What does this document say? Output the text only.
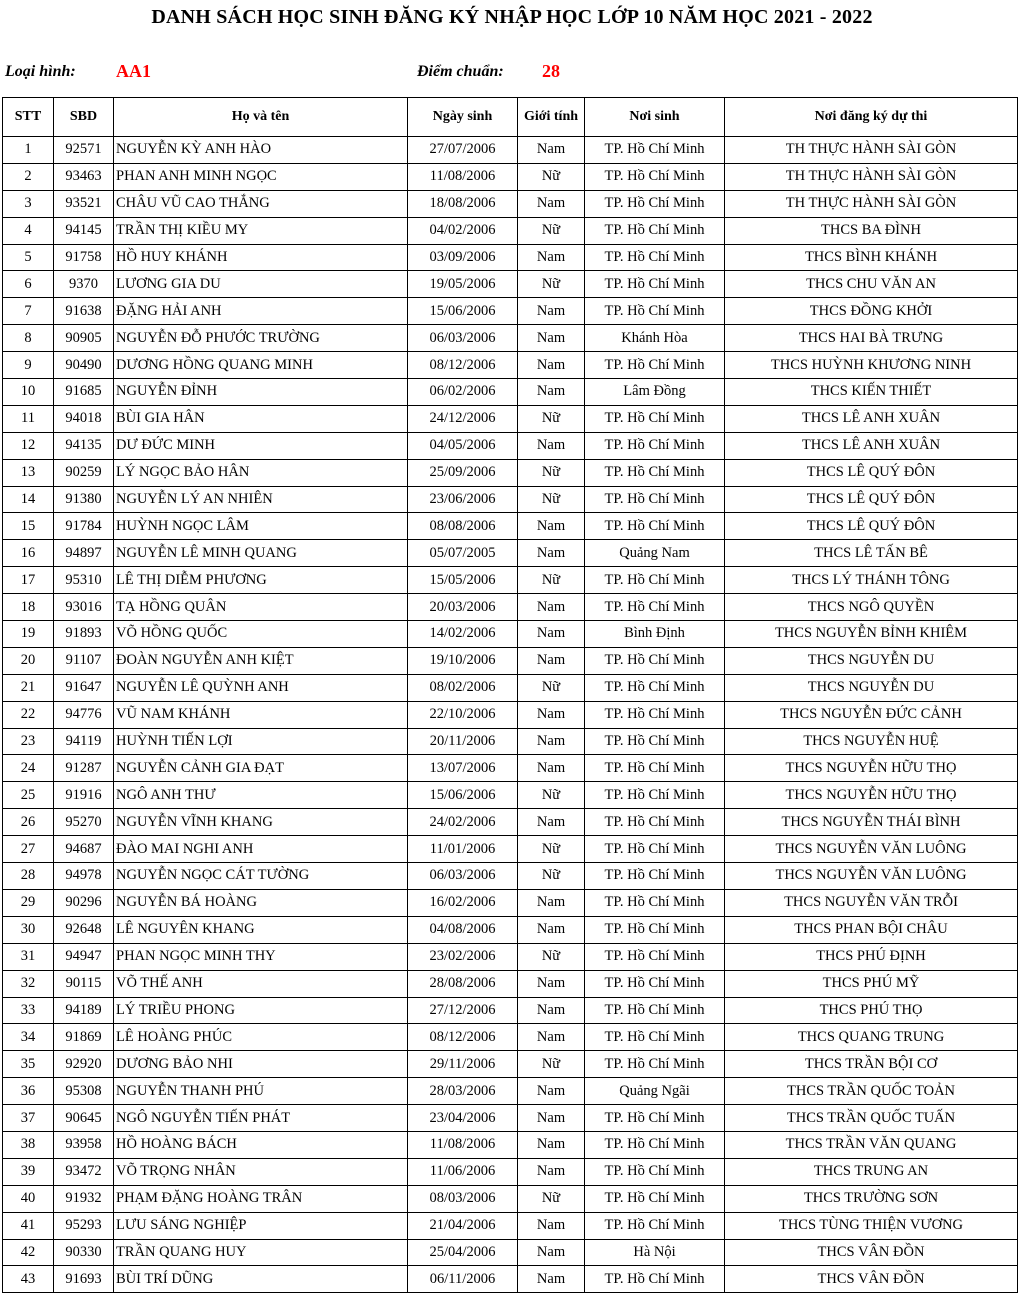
DANH SÁCH HỌC SINH ĐĂNG KÝ NHẬP HỌC LỚP 10 NĂM HỌC 2021 - 2022
Loại hình: AA1	Điểm chuẩn: 28
STT	SBD	Họ và tên	Ngày sinh	Giới tính	Nơi sinh	Nơi đăng ký dự thi
1	92571	NGUYỄN KỲ ANH HÀO	27/07/2006	Nam	TP. Hồ Chí Minh	TH THỰC HÀNH SÀI GÒN
2	93463	PHAN ANH MINH NGỌC	11/08/2006	Nữ	TP. Hồ Chí Minh	TH THỰC HÀNH SÀI GÒN
3	93521	CHÂU VŨ CAO THẮNG	18/08/2006	Nam	TP. Hồ Chí Minh	TH THỰC HÀNH SÀI GÒN
4	94145	TRẦN THỊ KIỀU MY	04/02/2006	Nữ	TP. Hồ Chí Minh	THCS BA ĐÌNH
5	91758	HỒ HUY KHÁNH	03/09/2006	Nam	TP. Hồ Chí Minh	THCS BÌNH KHÁNH
6	9370	LƯƠNG GIA DU	19/05/2006	Nữ	TP. Hồ Chí Minh	THCS CHU VĂN AN
7	91638	ĐẶNG HẢI ANH	15/06/2006	Nam	TP. Hồ Chí Minh	THCS ĐỒNG KHỞI
8	90905	NGUYỄN ĐỖ PHƯỚC TRƯỜNG	06/03/2006	Nam	Khánh Hòa	THCS HAI BÀ TRƯNG
9	90490	DƯƠNG HỒNG QUANG MINH	08/12/2006	Nam	TP. Hồ Chí Minh	THCS HUỲNH KHƯƠNG NINH
10	91685	NGUYỄN ĐỈNH	06/02/2006	Nam	Lâm Đồng	THCS KIẾN THIẾT
11	94018	BÙI GIA HÂN	24/12/2006	Nữ	TP. Hồ Chí Minh	THCS LÊ ANH XUÂN
12	94135	DƯ ĐỨC MINH	04/05/2006	Nam	TP. Hồ Chí Minh	THCS LÊ ANH XUÂN
13	90259	LÝ NGỌC BẢO HÂN	25/09/2006	Nữ	TP. Hồ Chí Minh	THCS LÊ QUÝ ĐÔN
14	91380	NGUYỄN LÝ AN NHIÊN	23/06/2006	Nữ	TP. Hồ Chí Minh	THCS LÊ QUÝ ĐÔN
15	91784	HUỲNH NGỌC LÂM	08/08/2006	Nam	TP. Hồ Chí Minh	THCS LÊ QUÝ ĐÔN
16	94897	NGUYỄN LÊ MINH QUANG	05/07/2005	Nam	Quảng Nam	THCS LÊ TẤN BÊ
17	95310	LÊ THỊ DIỄM PHƯƠNG	15/05/2006	Nữ	TP. Hồ Chí Minh	THCS LÝ THÁNH TÔNG
18	93016	TẠ HỒNG QUÂN	20/03/2006	Nam	TP. Hồ Chí Minh	THCS NGÔ QUYỀN
19	91893	VÕ HỒNG QUỐC	14/02/2006	Nam	Bình Định	THCS NGUYỄN BỈNH KHIÊM
20	91107	ĐOÀN NGUYỄN ANH KIỆT	19/10/2006	Nam	TP. Hồ Chí Minh	THCS NGUYỄN DU
21	91647	NGUYỄN LÊ QUỲNH ANH	08/02/2006	Nữ	TP. Hồ Chí Minh	THCS NGUYỄN DU
22	94776	VŨ NAM KHÁNH	22/10/2006	Nam	TP. Hồ Chí Minh	THCS NGUYỄN ĐỨC CẢNH
23	94119	HUỲNH TIẾN LỢI	20/11/2006	Nam	TP. Hồ Chí Minh	THCS NGUYỄN HUỆ
24	91287	NGUYỄN CẢNH GIA ĐẠT	13/07/2006	Nam	TP. Hồ Chí Minh	THCS NGUYỄN HỮU THỌ
25	91916	NGÔ ANH THƯ	15/06/2006	Nữ	TP. Hồ Chí Minh	THCS NGUYỄN HỮU THỌ
26	95270	NGUYỄN VĨNH KHANG	24/02/2006	Nam	TP. Hồ Chí Minh	THCS NGUYỄN THÁI BÌNH
27	94687	ĐÀO MAI NGHI ANH	11/01/2006	Nữ	TP. Hồ Chí Minh	THCS NGUYỄN VĂN LUÔNG
28	94978	NGUYỄN NGỌC CÁT TƯỜNG	06/03/2006	Nữ	TP. Hồ Chí Minh	THCS NGUYỄN VĂN LUÔNG
29	90296	NGUYỄN BÁ HOÀNG	16/02/2006	Nam	TP. Hồ Chí Minh	THCS NGUYỄN VĂN TRỖI
30	92648	LÊ NGUYÊN KHANG	04/08/2006	Nam	TP. Hồ Chí Minh	THCS PHAN BỘI CHÂU
31	94947	PHAN NGỌC MINH THY	23/02/2006	Nữ	TP. Hồ Chí Minh	THCS PHÚ ĐỊNH
32	90115	VÕ THẾ ANH	28/08/2006	Nam	TP. Hồ Chí Minh	THCS PHÚ MỸ
33	94189	LÝ TRIỀU PHONG	27/12/2006	Nam	TP. Hồ Chí Minh	THCS PHÚ THỌ
34	91869	LÊ HOÀNG PHÚC	08/12/2006	Nam	TP. Hồ Chí Minh	THCS QUANG TRUNG
35	92920	DƯƠNG BẢO NHI	29/11/2006	Nữ	TP. Hồ Chí Minh	THCS TRẦN BỘI CƠ
36	95308	NGUYỄN THANH PHÚ	28/03/2006	Nam	Quảng Ngãi	THCS TRẦN QUỐC TOẢN
37	90645	NGÔ NGUYỄN TIẾN PHÁT	23/04/2006	Nam	TP. Hồ Chí Minh	THCS TRẦN QUỐC TUẤN
38	93958	HỒ HOÀNG BÁCH	11/08/2006	Nam	TP. Hồ Chí Minh	THCS TRẦN VĂN QUANG
39	93472	VÕ TRỌNG NHÂN	11/06/2006	Nam	TP. Hồ Chí Minh	THCS TRUNG AN
40	91932	PHẠM ĐẶNG HOÀNG TRÂN	08/03/2006	Nữ	TP. Hồ Chí Minh	THCS TRƯỜNG SƠN
41	95293	LƯU SÁNG NGHIỆP	21/04/2006	Nam	TP. Hồ Chí Minh	THCS TÙNG THIỆN VƯƠNG
42	90330	TRẦN QUANG HUY	25/04/2006	Nam	Hà Nội	THCS VÂN ĐỒN
43	91693	BÙI TRÍ DŨNG	06/11/2006	Nam	TP. Hồ Chí Minh	THCS VÂN ĐỒN
